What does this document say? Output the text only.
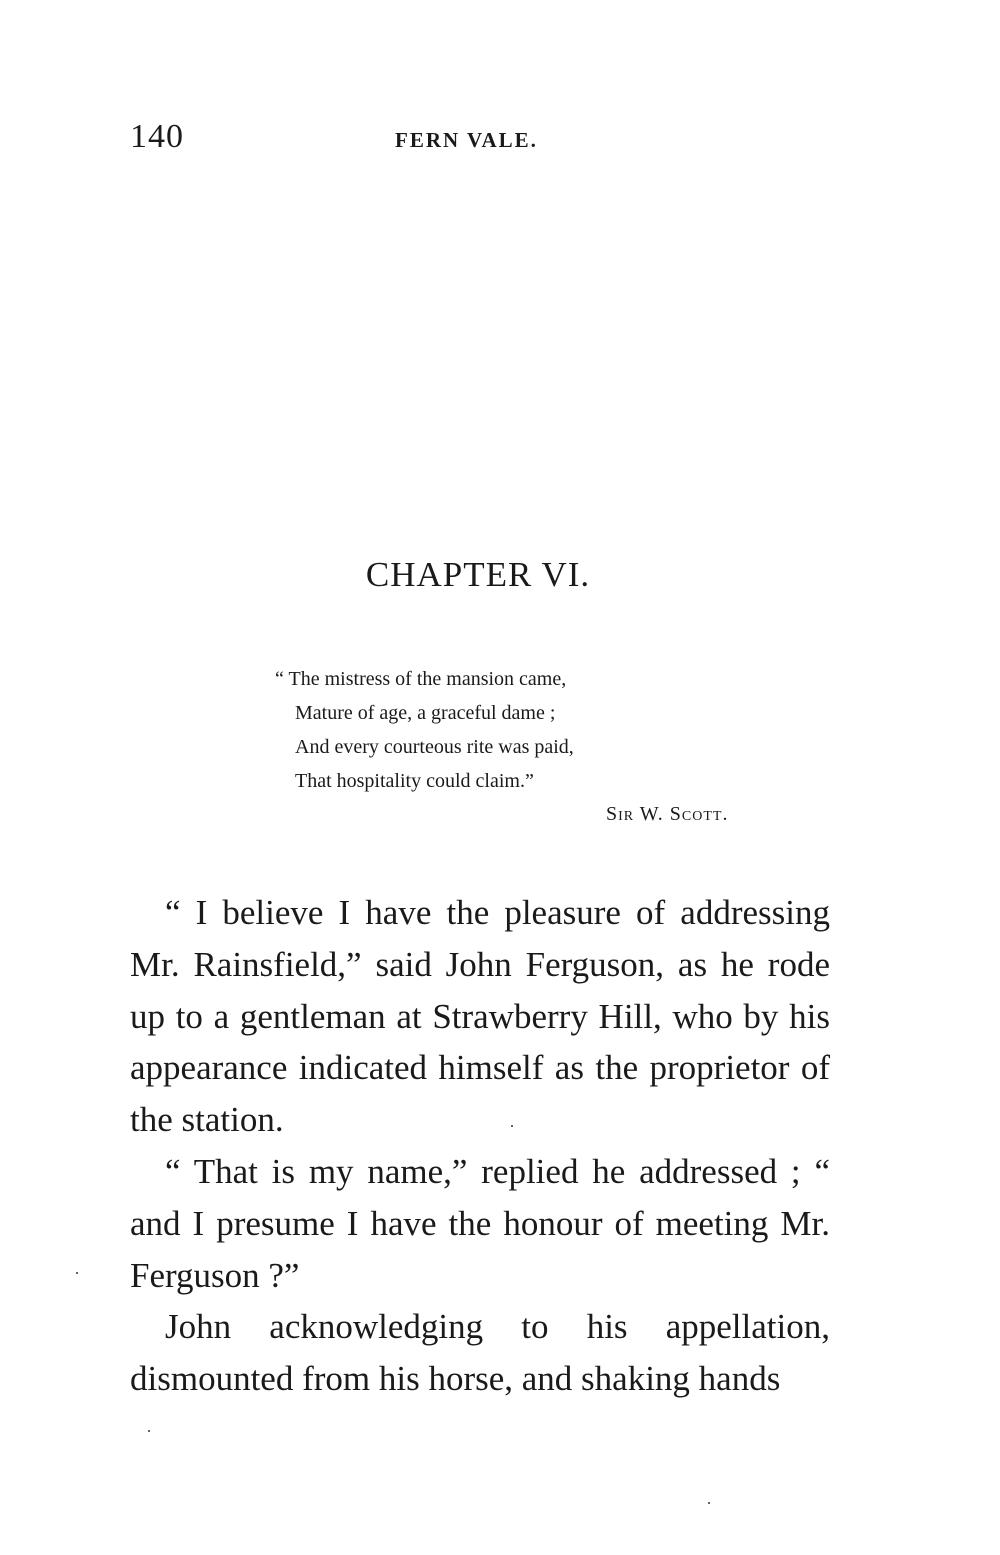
140	FERN VALE.
CHAPTER VI.
“ The mistress of the mansion came,
Mature of age, a graceful dame ;
And every courteous rite was paid,
That hospitality could claim.”
Sir W. Scott.

“ I believe I have the pleasure of addressing Mr. Rainsfield,” said John Ferguson, as he rode up to a gentleman at Strawberry Hill, who by his appearance indicated himself as the proprietor of the station.

“ That is my name,” replied he addressed ; “ and I presume I have the honour of meeting Mr. Ferguson ?”

John acknowledging to his appellation, dismounted from his horse, and shaking hands
